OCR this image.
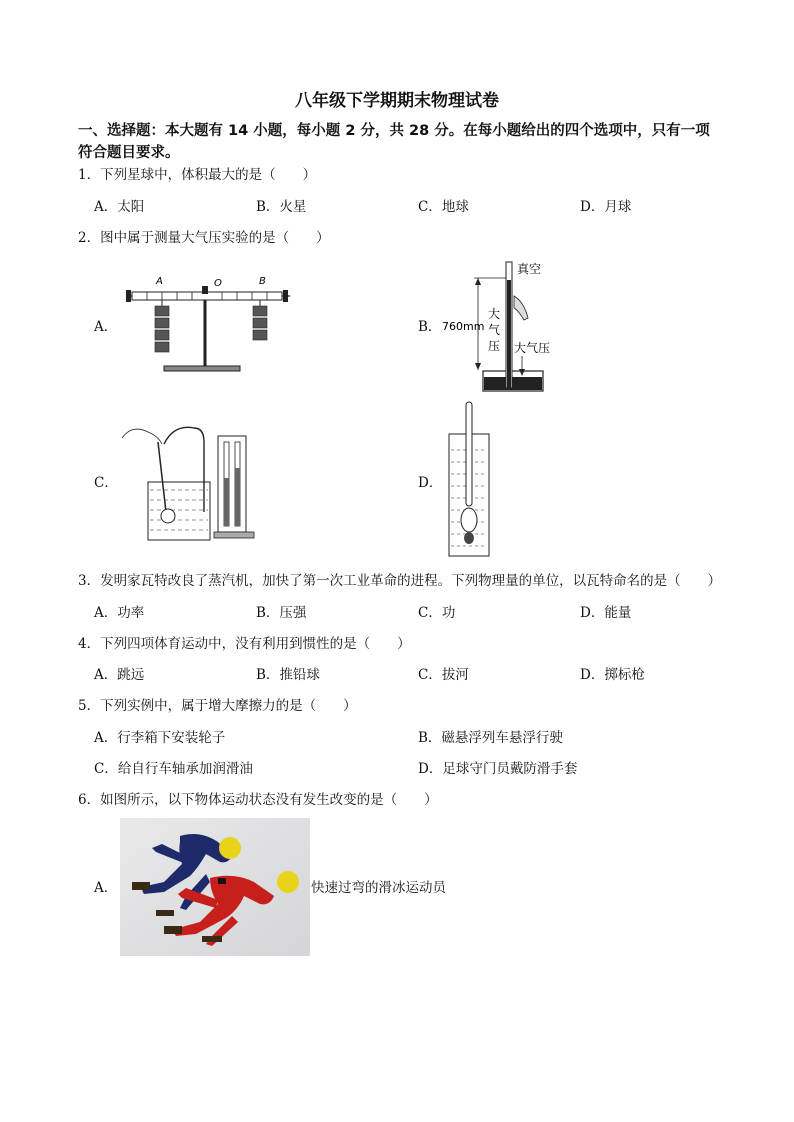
八年级下学期期末物理试卷
一、选择题：本大题有 14 小题，每小题 2 分，共 28 分。在每小题给出的四个选项中，只有一项
符合题目要求。
1．下列星球中，体积最大的是（　　）
A．太阳	B．火星	C．地球	D．月球
2．图中属于测量大气压实验的是（　　）
A．	B．
C．	D．
A	O	B
真空
760mm
大
气
压 大气压
3．发明家瓦特改良了蒸汽机，加快了第一次工业革命的进程。下列物理量的单位，以瓦特命名的是（　　）
A．功率	B．压强	C．功	D．能量
4．下列四项体育运动中，没有利用到惯性的是（　　）
A．跳远	B．推铅球	C．拔河	D．掷标枪
5．下列实例中，属于增大摩擦力的是（　　）
A．行李箱下安装轮子	B．磁悬浮列车悬浮行驶
C．给自行车轴承加润滑油	D．足球守门员戴防滑手套
6．如图所示，以下物体运动状态没有发生改变的是（　　）
A．	快速过弯的滑冰运动员
